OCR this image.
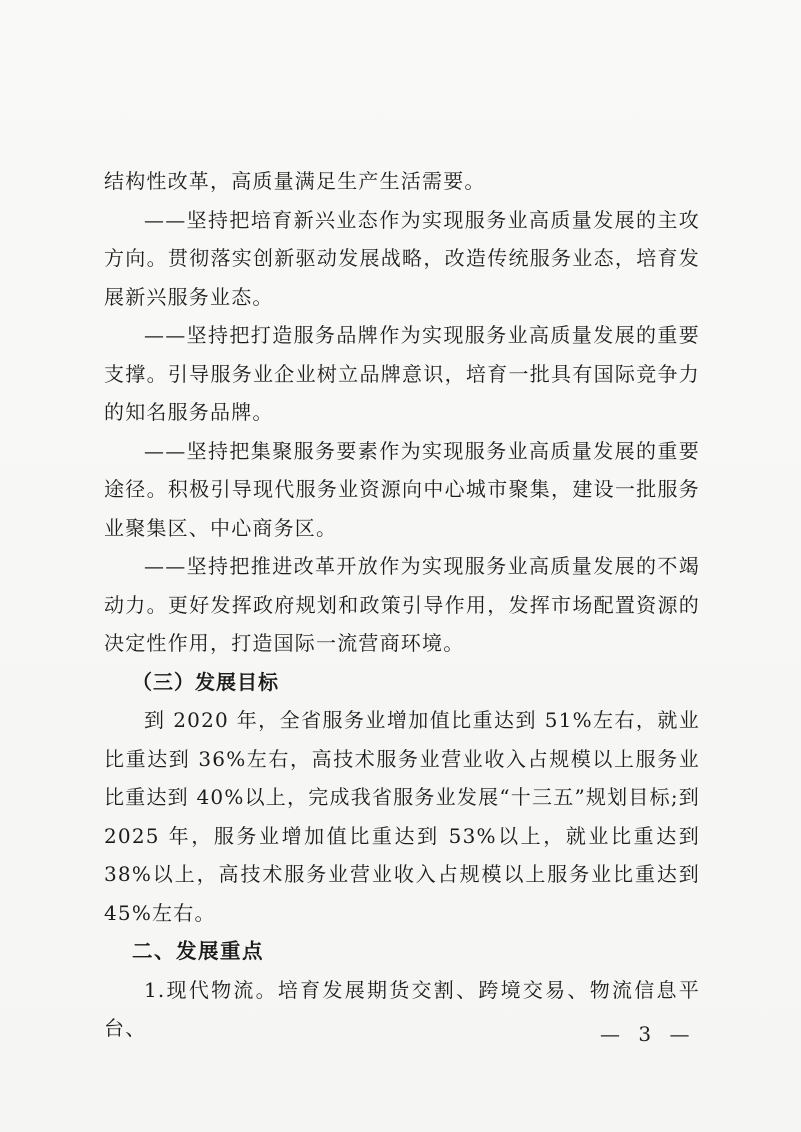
结构性改革，高质量满足生产生活需要。

——坚持把培育新兴业态作为实现服务业高质量发展的主攻方向。贯彻落实创新驱动发展战略，改造传统服务业态，培育发展新兴服务业态。

——坚持把打造服务品牌作为实现服务业高质量发展的重要支撑。引导服务业企业树立品牌意识，培育一批具有国际竞争力的知名服务品牌。

——坚持把集聚服务要素作为实现服务业高质量发展的重要途径。积极引导现代服务业资源向中心城市聚集，建设一批服务业聚集区、中心商务区。

——坚持把推进改革开放作为实现服务业高质量发展的不竭动力。更好发挥政府规划和政策引导作用，发挥市场配置资源的决定性作用，打造国际一流营商环境。

（三）发展目标

到 2020 年，全省服务业增加值比重达到 51%左右，就业比重达到 36%左右，高技术服务业营业收入占规模以上服务业比重达到 40%以上，完成我省服务业发展“十三五”规划目标;到 2025 年，服务业增加值比重达到 53%以上，就业比重达到 38%以上，高技术服务业营业收入占规模以上服务业比重达到 45%左右。

二、发展重点

1.现代物流。培育发展期货交割、跨境交易、物流信息平台、	— 3 —
